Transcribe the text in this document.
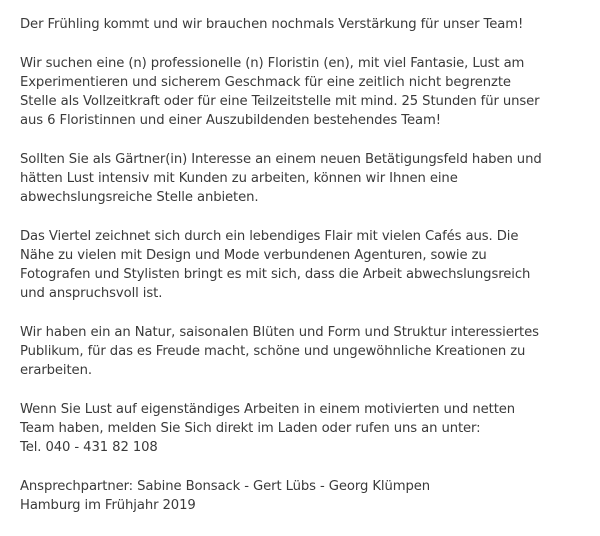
Der Frühling kommt und wir brauchen nochmals Verstärkung für unser Team!

Wir suchen eine (n) professionelle (n) Floristin (en), mit viel Fantasie, Lust am
Experimentieren und sicherem Geschmack für eine zeitlich nicht begrenzte
Stelle als Vollzeitkraft oder für eine Teilzeitstelle mit mind. 25 Stunden für unser
aus 6 Floristinnen und einer Auszubildenden bestehendes Team!

Sollten Sie als Gärtner(in) Interesse an einem neuen Betätigungsfeld haben und
hätten Lust intensiv mit Kunden zu arbeiten, können wir Ihnen eine
abwechslungsreiche Stelle anbieten.

Das Viertel zeichnet sich durch ein lebendiges Flair mit vielen Cafés aus. Die
Nähe zu vielen mit Design und Mode verbundenen Agenturen, sowie zu
Fotografen und Stylisten bringt es mit sich, dass die Arbeit abwechslungsreich
und anspruchsvoll ist.

Wir haben ein an Natur, saisonalen Blüten und Form und Struktur interessiertes
Publikum, für das es Freude macht, schöne und ungewöhnliche Kreationen zu
erarbeiten.

Wenn Sie Lust auf eigenständiges Arbeiten in einem motivierten und netten
Team haben, melden Sie Sich direkt im Laden oder rufen uns an unter:
Tel. 040 - 431 82 108

Ansprechpartner: Sabine Bonsack - Gert Lübs - Georg Klümpen
Hamburg im Frühjahr 2019
